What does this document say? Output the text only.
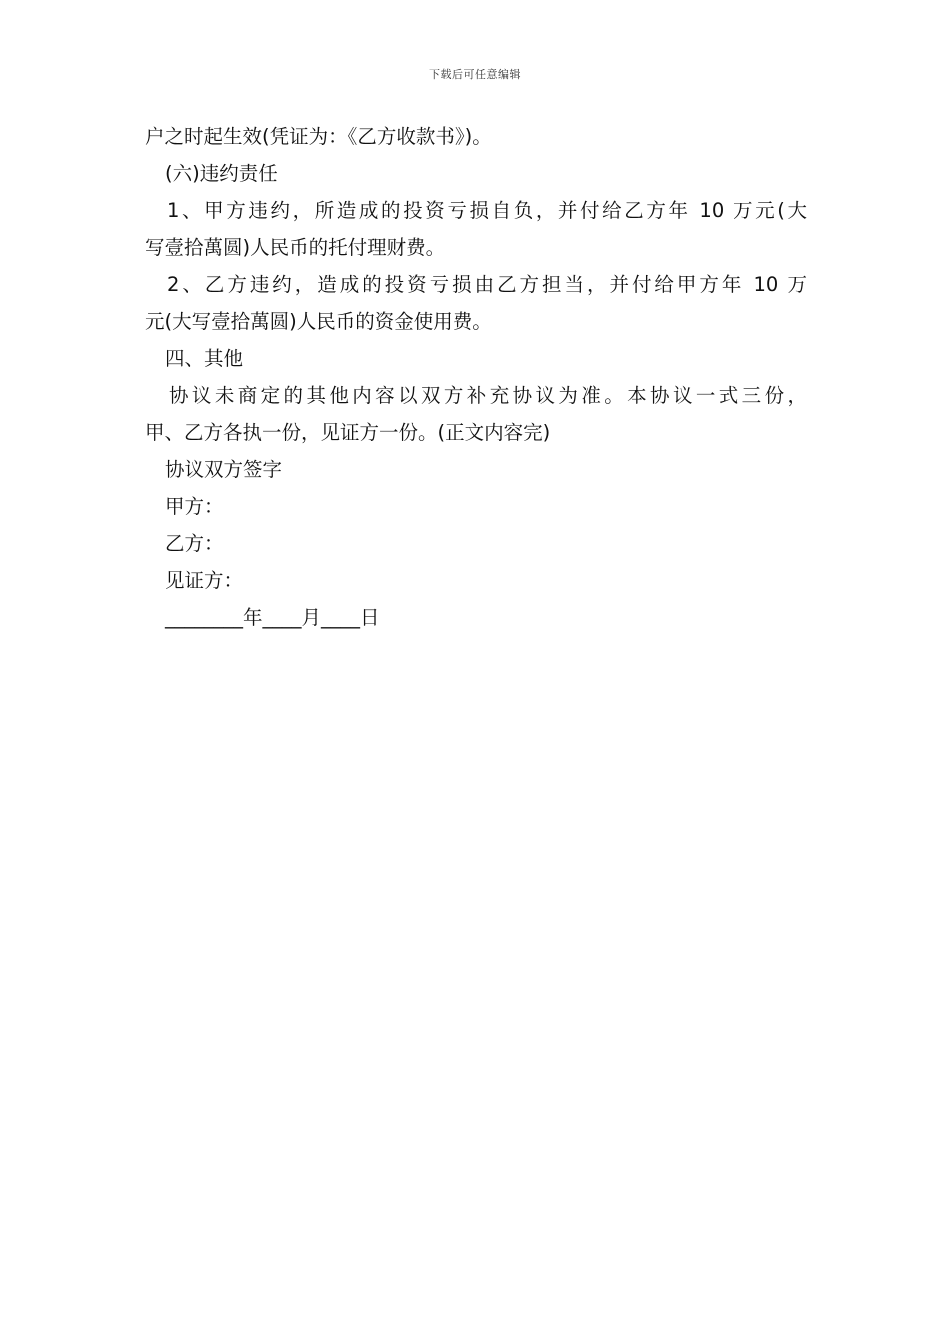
下载后可任意编辑
户之时起生效(凭证为：《乙方收款书》)。
(六)违约责任
1、甲方违约，所造成的投资亏损自负，并付给乙方年 10 万元(大
写壹拾萬圆)人民币的托付理财费。
2、乙方违约，造成的投资亏损由乙方担当，并付给甲方年 10 万
元(大写壹拾萬圆)人民币的资金使用费。
四、其他
协议未商定的其他内容以双方补充协议为准。本协议一式三份，
甲、乙方各执一份，见证方一份。(正文内容完)
协议双方签字
甲方：
乙方：
见证方：
________年____月____日
